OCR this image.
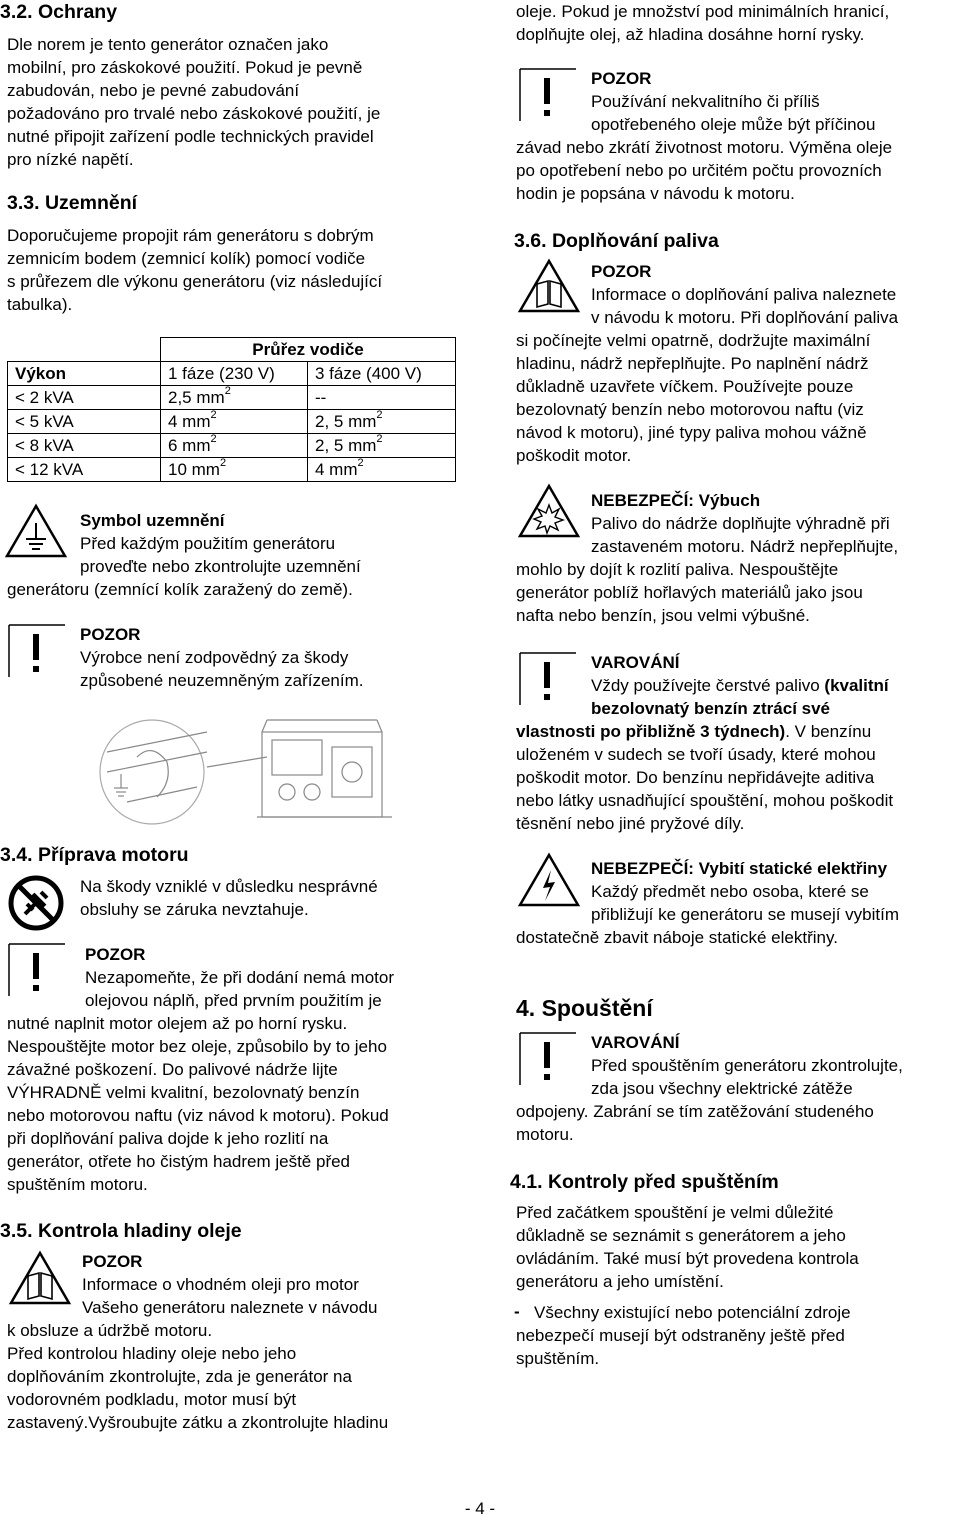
3.2. Ochrany
Dle norem je tento generátor označen jako
mobilní, pro záskokové použití. Pokud je pevně
zabudován, nebo je pevné zabudování
požadováno pro trvalé nebo záskokové použití, je
nutné připojit zařízení podle technických pravidel
pro nízké napětí.
3.3. Uzemnění
Doporučujeme propojit rám generátoru s dobrým
zemnicím bodem (zemnicí kolík) pomocí vodiče
s průřezem dle výkonu generátoru (viz následující
tabulka).
	Průřez vodiče	
Výkon	1 fáze (230 V)	3 fáze (400 V)
< 2 kVA	2,5 $mm^2$	--
< 5 kVA	4 $mm^2$	2, 5 $mm^2$
< 8 kVA	6 $mm^2$	2, 5 $mm^2$
< 12 kVA	10 $mm^2$	4 $mm^2$
Symbol uzemnění
Před každým použitím generátoru
proveďte nebo zkontrolujte uzemnění
generátoru (zemnící kolík zaražený do země).
POZOR
Výrobce není zodpovědný za škody
způsobené neuzemněným zařízením.
3.4. Příprava motoru
Na škody vzniklé v důsledku nesprávné
obsluhy se záruka nevztahuje.
POZOR
Nezapomeňte, že při dodání nemá motor
olejovou náplň, před prvním použitím je
nutné naplnit motor olejem až po horní rysku.
Nespouštějte motor bez oleje, způsobilo by to jeho
závažné poškození. Do palivové nádrže lijte
VÝHRADNĚ velmi kvalitní, bezolovnatý benzín
nebo motorovou naftu (viz návod k motoru). Pokud
při doplňování paliva dojde k jeho rozlití na
generátor, otřete ho čistým hadrem ještě před
spuštěním motoru.
3.5. Kontrola hladiny oleje
POZOR
Informace o vhodném oleji pro motor
Vašeho generátoru naleznete v návodu
k obsluze a údržbě motoru.
Před kontrolou hladiny oleje nebo jeho
doplňováním zkontrolujte, zda je generátor na
vodorovném podkladu, motor musí být
zastavený.Vyšroubujte zátku a zkontrolujte hladinu
oleje. Pokud je množství pod minimálních hranicí,
doplňujte olej, až hladina dosáhne horní rysky.
POZOR
Používání nekvalitního či příliš
opotřebeného oleje může být příčinou
závad nebo zkrátí životnost motoru. Výměna oleje
po opotřebení nebo po určitém počtu provozních
hodin je popsána v návodu k motoru.
3.6. Doplňování paliva
POZOR
Informace o doplňování paliva naleznete
v návodu k motoru. Při doplňování paliva
si počínejte velmi opatrně, dodržujte maximální
hladinu, nádrž nepřeplňujte. Po naplnění nádrž
důkladně uzavřete víčkem. Používejte pouze
bezolovnatý benzín nebo motorovou naftu (viz
návod k motoru), jiné typy paliva mohou vážně
poškodit motor.
NEBEZPEČÍ: Výbuch
Palivo do nádrže doplňujte výhradně při
zastaveném motoru. Nádrž nepřeplňujte,
mohlo by dojít k rozlití paliva. Nespouštějte
generátor poblíž hořlavých materiálů jako jsou
nafta nebo benzín, jsou velmi výbušné.
VAROVÁNÍ
Vždy používejte čerstvé palivo (kvalitní
bezolovnatý benzín ztrácí své
vlastnosti po přibližně 3 týdnech). V benzínu
uloženém v sudech se tvoří úsady, které mohou
poškodit motor. Do benzínu nepřidávejte aditiva
nebo látky usnadňující spouštění, mohou poškodit
těsnění nebo jiné pryžové díly.
NEBEZPEČÍ: Vybití statické elektřiny
Každý předmět nebo osoba, které se
přibližují ke generátoru se musejí vybitím
dostatečně zbavit náboje statické elektřiny.
4. Spouštění
VAROVÁNÍ
Před spouštěním generátoru zkontrolujte,
zda jsou všechny elektrické zátěže
odpojeny. Zabrání se tím zatěžování studeného
motoru.
4.1. Kontroly před spuštěním
Před začátkem spouštění je velmi důležité
důkladně se seznámit s generátorem a jeho
ovládáním. Také musí být provedena kontrola
generátoru a jeho umístění.
- Všechny existující nebo potenciální zdroje
nebezpečí musejí být odstraněny ještě před
spuštěním.
- 4 -
